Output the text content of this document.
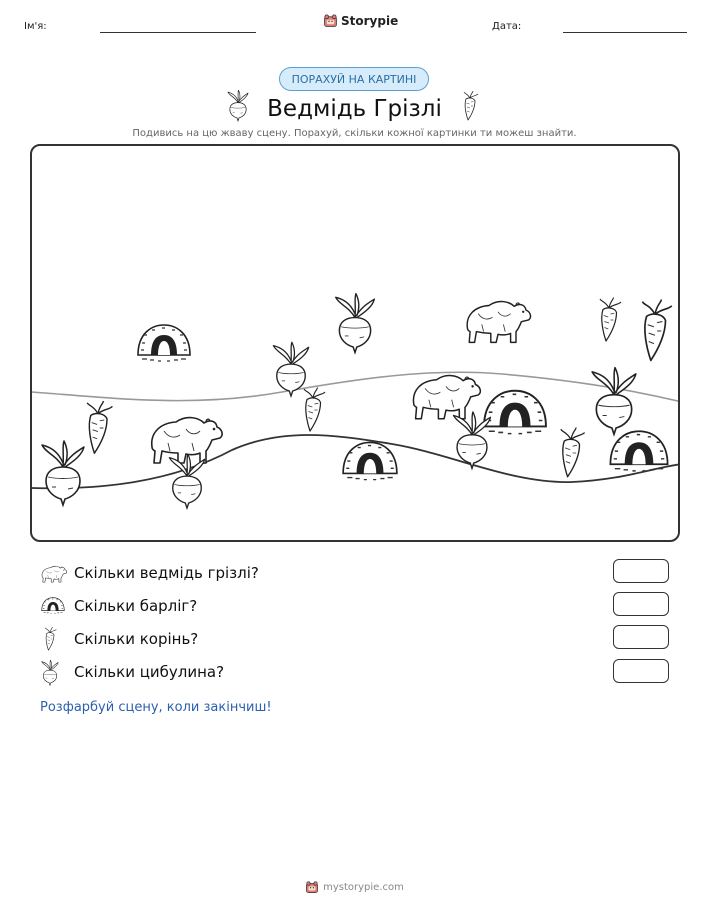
Ім'я:	Storypie	Дата:
ПОРАХУЙ НА КАРТИНІ
Ведмідь Грізлі
Подивись на цю жваву сцену. Порахуй, скільки кожної картинки ти можеш знайти.
Скільки ведмідь грізлі?
Скільки барліг?
Скільки корінь?
Скільки цибулина?
Розфарбуй сцену, коли закінчиш!
mystorypie.com
